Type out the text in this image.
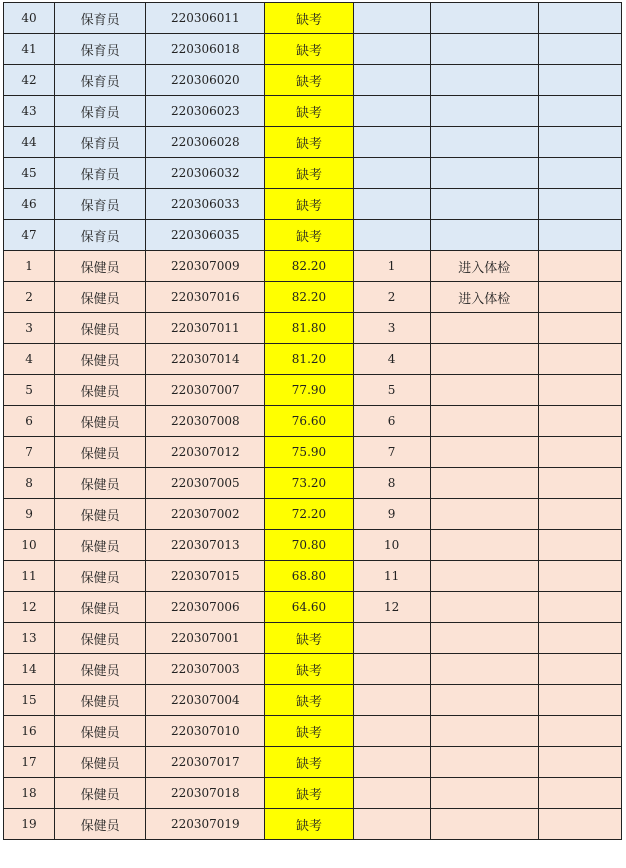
40	保育员	220306011	缺考			
41	保育员	220306018	缺考			
42	保育员	220306020	缺考			
43	保育员	220306023	缺考			
44	保育员	220306028	缺考			
45	保育员	220306032	缺考			
46	保育员	220306033	缺考			
47	保育员	220306035	缺考			
1	保健员	220307009	82.20	1	进入体检	
2	保健员	220307016	82.20	2	进入体检	
3	保健员	220307011	81.80	3		
4	保健员	220307014	81.20	4		
5	保健员	220307007	77.90	5		
6	保健员	220307008	76.60	6		
7	保健员	220307012	75.90	7		
8	保健员	220307005	73.20	8		
9	保健员	220307002	72.20	9		
10	保健员	220307013	70.80	10		
11	保健员	220307015	68.80	11		
12	保健员	220307006	64.60	12		
13	保健员	220307001	缺考			
14	保健员	220307003	缺考			
15	保健员	220307004	缺考			
16	保健员	220307010	缺考			
17	保健员	220307017	缺考			
18	保健员	220307018	缺考			
19	保健员	220307019	缺考			
